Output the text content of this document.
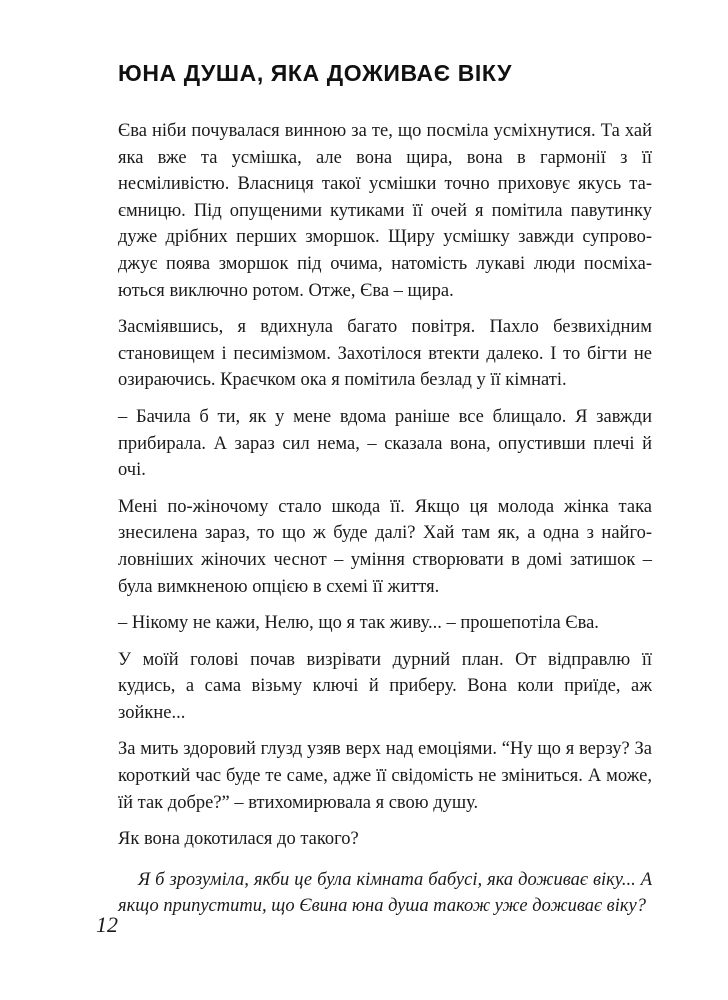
ЮНА ДУША, ЯКА ДОЖИВАЄ ВІКУ

Єва ніби почувалася винною за те, що посміла усміхнутися. Та хай яка вже та усмішка, але вона щира, вона в гармонії з її несміливістю. Власниця такої усмішки точно приховує якусь таємницю. Під опущеними кутиками її очей я помітила павутинку дуже дрібних перших зморшок. Щиру усмішку завжди супроводжує поява зморшок під очима, натомість лукаві люди посміхаються виключно ротом. Отже, Єва – щира.

Засміявшись, я вдихнула багато повітря. Пахло безвихідним становищем і песимізмом. Захотілося втекти далеко. І то бігти не озираючись. Краєчком ока я помітила безлад у її кімнаті.

– Бачила б ти, як у мене вдома раніше все блищало. Я завжди прибирала. А зараз сил нема, – сказала вона, опустивши плечі й очі.

Мені по-жіночому стало шкода її. Якщо ця молода жінка така знесилена зараз, то що ж буде далі? Хай там як, а одна з найголовніших жіночих чеснот – уміння створювати в домі затишок – була вимкненою опцією в схемі її життя.

– Нікому не кажи, Нелю, що я так живу... – прошепотіла Єва.

У моїй голові почав визрівати дурний план. От відправлю її кудись, а сама візьму ключі й приберу. Вона коли приїде, аж зойкне...

За мить здоровий глузд узяв верх над емоціями. “Ну що я верзу? За короткий час буде те саме, адже її свідомість не зміниться. А може, їй так добре?” – втихомирювала я свою душу.

Як вона докотилася до такого?

Я б зрозуміла, якби це була кімната бабусі, яка доживає віку... А якщо припустити, що Євина юна душа також уже доживає віку?

12
